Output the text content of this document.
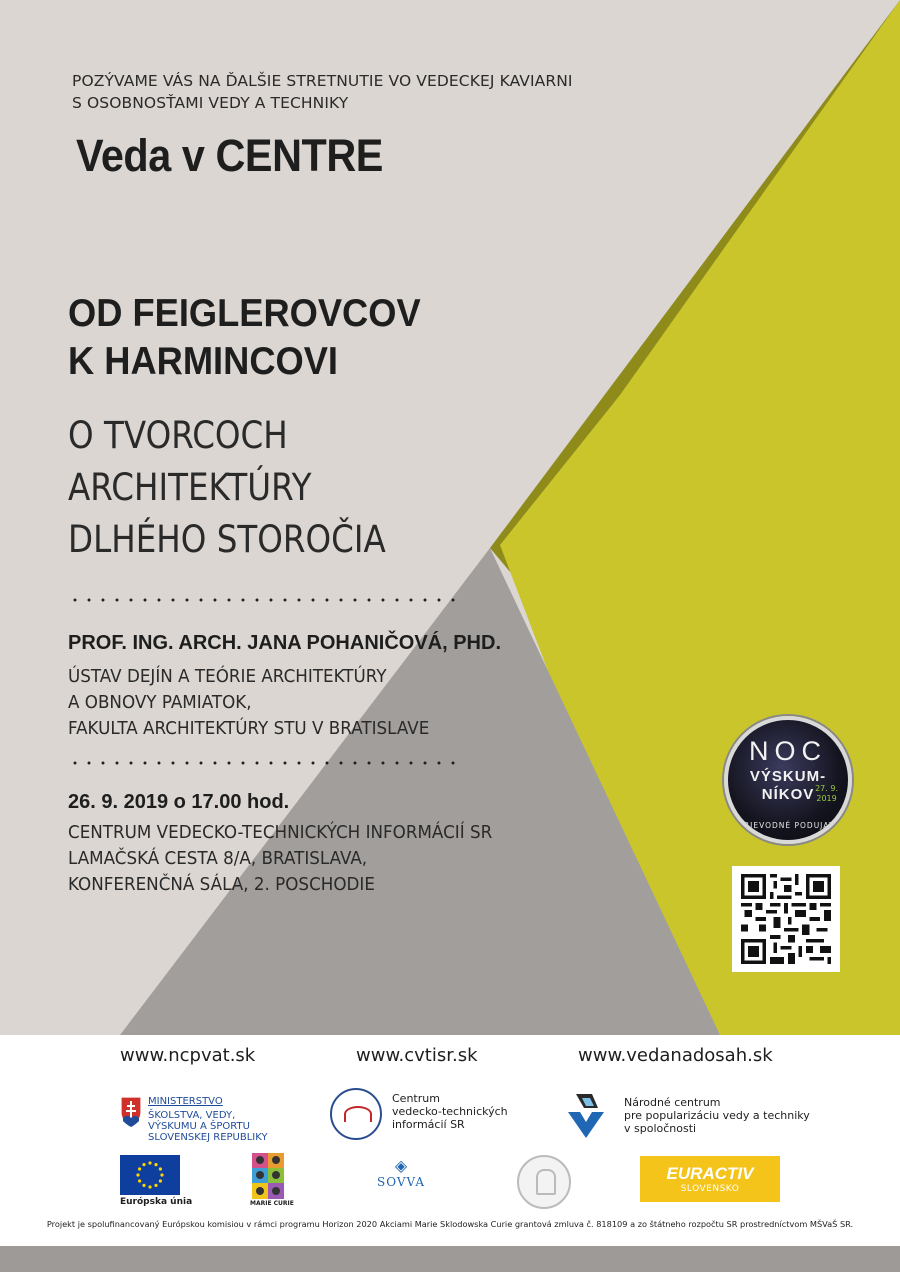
POZÝVAME VÁS NA ĎALŠIE STRETNUTIE VO VEDECKEJ KAVIARNI
S OSOBNOSŤAMI VEDY A TECHNIKY
Veda v CENTRE
OD FEIGLEROVCOV
K HARMINCOVI
O TVORCOCH
ARCHITEKTÚRY
DLHÉHO STOROČIA
PROF. ING. ARCH. JANA POHANIČOVÁ, PHD.
ÚSTAV DEJÍN A TEÓRIE ARCHITEKTÚRY
A OBNOVY PAMIATOK,
FAKULTA ARCHITEKTÚRY STU V BRATISLAVE
26. 9. 2019 o 17.00 hod.
CENTRUM VEDECKO-TECHNICKÝCH INFORMÁCIÍ SR
LAMAČSKÁ CESTA 8/A, BRATISLAVA,
KONFERENČNÁ SÁLA, 2. POSCHODIE
NOC
VÝSKUM-
NÍKOV 27. 9.
2019
SPRIEVODNÉ PODUJATIE
www.ncpvat.sk	www.cvtisr.sk	www.vedanadosah.sk
MINISTERSTVO
ŠKOLSTVA, VEDY,
VÝSKUMU A ŠPORTU
SLOVENSKEJ REPUBLIKY
Centrum
vedecko-technických
informácií SR
Národné centrum
pre popularizáciu vedy a techniky
v spoločnosti
Európska únia	MARIE CURIE
◈
SOVVA	EURACTIV
SLOVENSKO
Projekt je spolufinancovaný Európskou komisiou v rámci programu Horizon 2020 Akciami Marie Sklodowska Curie grantová zmluva č. 818109 a zo štátneho rozpočtu SR prostredníctvom MŠVaŠ SR.
